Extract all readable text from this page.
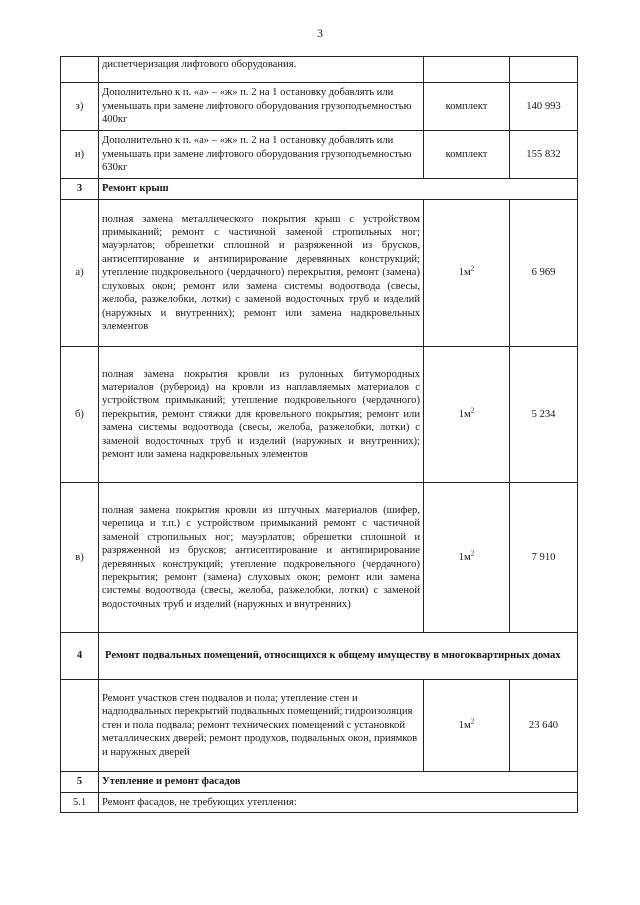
3
	диспетчеризация лифтового оборудования.		
з)	Дополнительно к п. «а» – «ж» п. 2 на 1 остановку добавлять или уменьшать при замене лифтового оборудования грузоподъемностью 400кг	комплект	140 993
и)	Дополнительно к п. «а» – «ж» п. 2 на 1 остановку добавлять или уменьшать при замене лифтового оборудования грузоподъемностью 630кг	комплект	155 832
3	Ремонт крыш		
а)	полная замена металлического покрытия крыш с устройством примыканий; ремонт с частичной заменой стропильных ног; мауэрлатов; обрешетки сплошной и разряженной из брусков, антисептирование и антипирирование деревянных конструкций; утепление подкровельного (чердачного) перекрытия, ремонт (замена) слуховых окон; ремонт или замена системы водоотвода (свесы, желоба, разжелобки, лотки) с заменой водосточных труб и изделий (наружных и внутренних); ремонт или замена надкровельных элементов	$1м^2$	6 969
б)	полная замена покрытия кровли из рулонных битумородных материалов (рубероид) на кровли из наплавляемых материалов с устройством примыканий; утепление подкровельного (чердачного) перекрытия, ремонт стяжки для кровельного покрытия; ремонт или замена системы водоотвода (свесы, желоба, разжелобки, лотки) с заменой водосточных труб и изделий (наружных и внутренних); ремонт или замена надкровельных элементов	$1м^2$	5 234
в)	полная замена покрытия кровли из штучных материалов (шифер, черепица и т.п.) с устройством примыканий ремонт с частичной заменой стропильных ног; мауэрлатов; обрешетки сплошной и разряженной из брусков; антисептирование и антипирирование деревянных конструкций; утепление подкровельного (чердачного) перекрытия; ремонт (замена) слуховых окон; ремонт или замена системы водоотвода (свесы, желоба, разжелобки, лотки) с заменой водосточных труб и изделий (наружных и внутренних)	$1м^2$	7 910
4	Ремонт подвальных помещений, относящихся к общему имуществу в многоквартирных домах		
	Ремонт участков стен подвалов и пола; утепление стен и надподвальных перекрытий подвальных помещений; гидроизоляция стен и пола подвала; ремонт технических помещений с установкой металлических дверей; ремонт продухов, подвальных окон, приямков и наружных дверей	$1м^2$	23 640
5	Утепление и ремонт фасадов		
5.1	Ремонт фасадов, не требующих утепления:		
